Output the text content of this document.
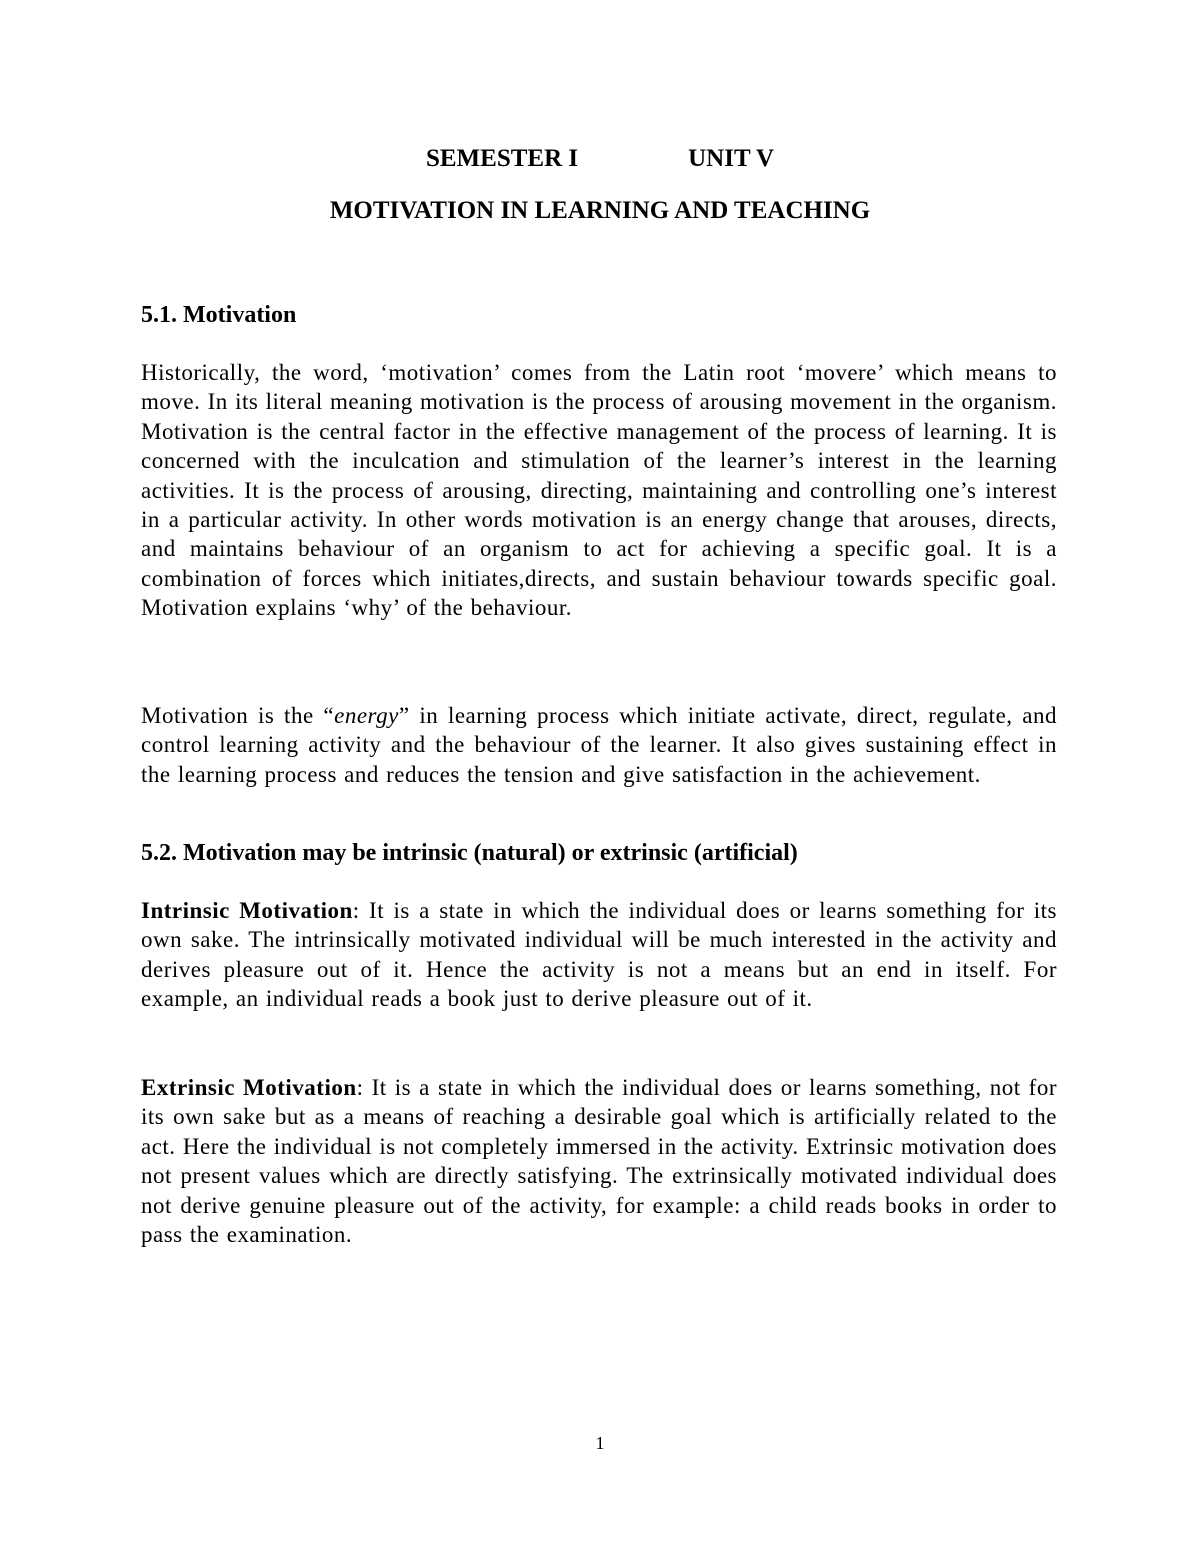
SEMESTER I	UNIT V
MOTIVATION IN LEARNING AND TEACHING
5.1. Motivation
Historically, the word, ‘motivation’ comes from the Latin root ‘movere’ which means to move. In its literal meaning motivation is the process of arousing movement in the organism. Motivation is the central factor in the effective management of the process of learning. It is concerned with the inculcation and stimulation of the learner’s interest in the learning activities. It is the process of arousing, directing, maintaining and controlling one’s interest in a particular activity. In other words motivation is an energy change that arouses, directs, and maintains behaviour of an organism to act for achieving a specific goal. It is a combination of forces which initiates,directs, and sustain behaviour towards specific goal. Motivation explains ‘why’ of the behaviour.
Motivation is the “energy” in learning process which initiate activate, direct, regulate, and control learning activity and the behaviour of the learner. It also gives sustaining effect in the learning process and reduces the tension and give satisfaction in the achievement.
5.2. Motivation may be intrinsic (natural) or extrinsic (artificial)
Intrinsic Motivation: It is a state in which the individual does or learns something for its own sake. The intrinsically motivated individual will be much interested in the activity and derives pleasure out of it. Hence the activity is not a means but an end in itself. For example, an individual reads a book just to derive pleasure out of it.
Extrinsic Motivation: It is a state in which the individual does or learns something, not for its own sake but as a means of reaching a desirable goal which is artificially related to the act. Here the individual is not completely immersed in the activity. Extrinsic motivation does not present values which are directly satisfying. The extrinsically motivated individual does not derive genuine pleasure out of the activity, for example: a child reads books in order to pass the examination.
1
